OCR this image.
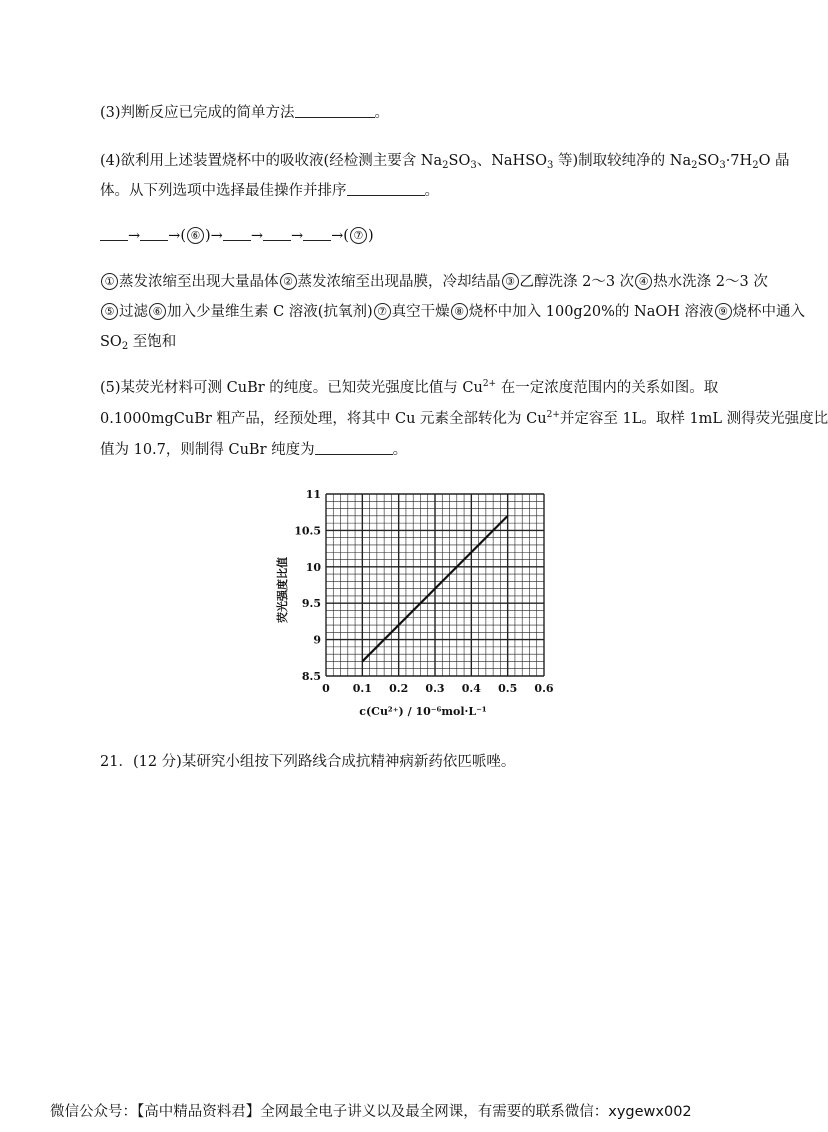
(3)判断反应已完成的简单方法	。
(4)欲利用上述装置烧杯中的吸收液(经检测主要含 $Na_2SO_3$、NaHSO$_3$ 等)制取较纯净的 $Na_2SO_3\cdot 7H_2O$ 晶
体。从下列选项中选择最佳操作并排序	。
→ →( ⑥ )→ → → →( ⑦ )
① 蒸发浓缩至出现大量晶体 ② 蒸发浓缩至出现晶膜，冷却结晶 ③ 乙醇洗涤 2～3 次 ④ 热水洗涤 2～3 次
⑤ 过滤 ⑥ 加入少量维生素 C 溶液(抗氧剂) ⑦ 真空干燥 ⑧ 烧杯中加入 100g20%的 NaOH 溶液 ⑨ 烧杯中通入
$SO_2$ 至饱和
(5)某荧光材料可测 CuBr 的纯度。已知荧光强度比值与 $Cu^{2+}$ 在一定浓度范围内的关系如图。取
0.1000mgCuBr 粗产品，经预处理，将其中 Cu 元素全部转化为 $Cu^{2+}$并定容至 1L。取样 1mL 测得荧光强度比
值为 10.7，则制得 CuBr 纯度为	。
0 0.1 0.2 0.3 0.4 0.5 0.6
8.5
9
9.5
10
10.5
11
荧光强度比值
c(Cu²⁺) / 10⁻⁶mol·L⁻¹
21．(12 分)某研究小组按下列路线合成抗精神病新药依匹哌唑。
微信公众号：【高中精品资料君】全网最全电子讲义以及最全网课，有需要的联系微信：xygewx002
